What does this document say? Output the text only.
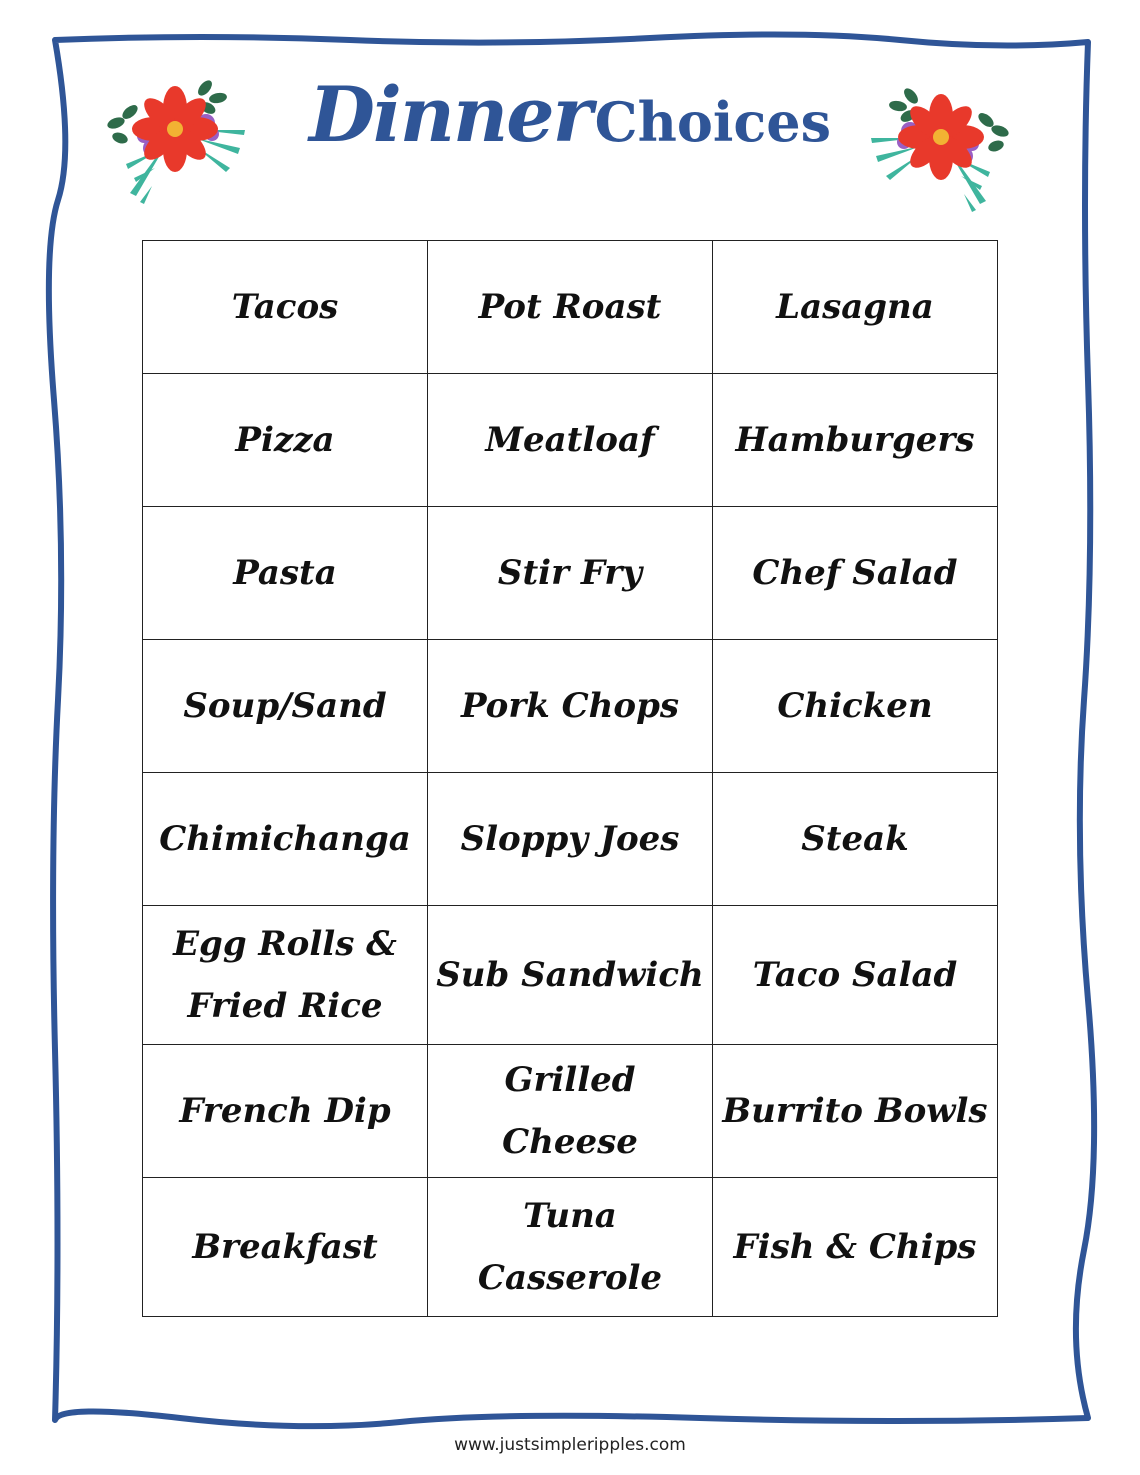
DinnerChoices
Tacos	Pot Roast	Lasagna
Pizza	Meatloaf	Hamburgers
Pasta	Stir Fry	Chef Salad
Soup/Sand	Pork Chops	Chicken
Chimichanga	Sloppy Joes	Steak
Egg Rolls & Fried Rice	Sub Sandwich	Taco Salad
French Dip	Grilled Cheese	Burrito Bowls
Breakfast	Tuna Casserole	Fish & Chips
www.justsimpleripples.com
